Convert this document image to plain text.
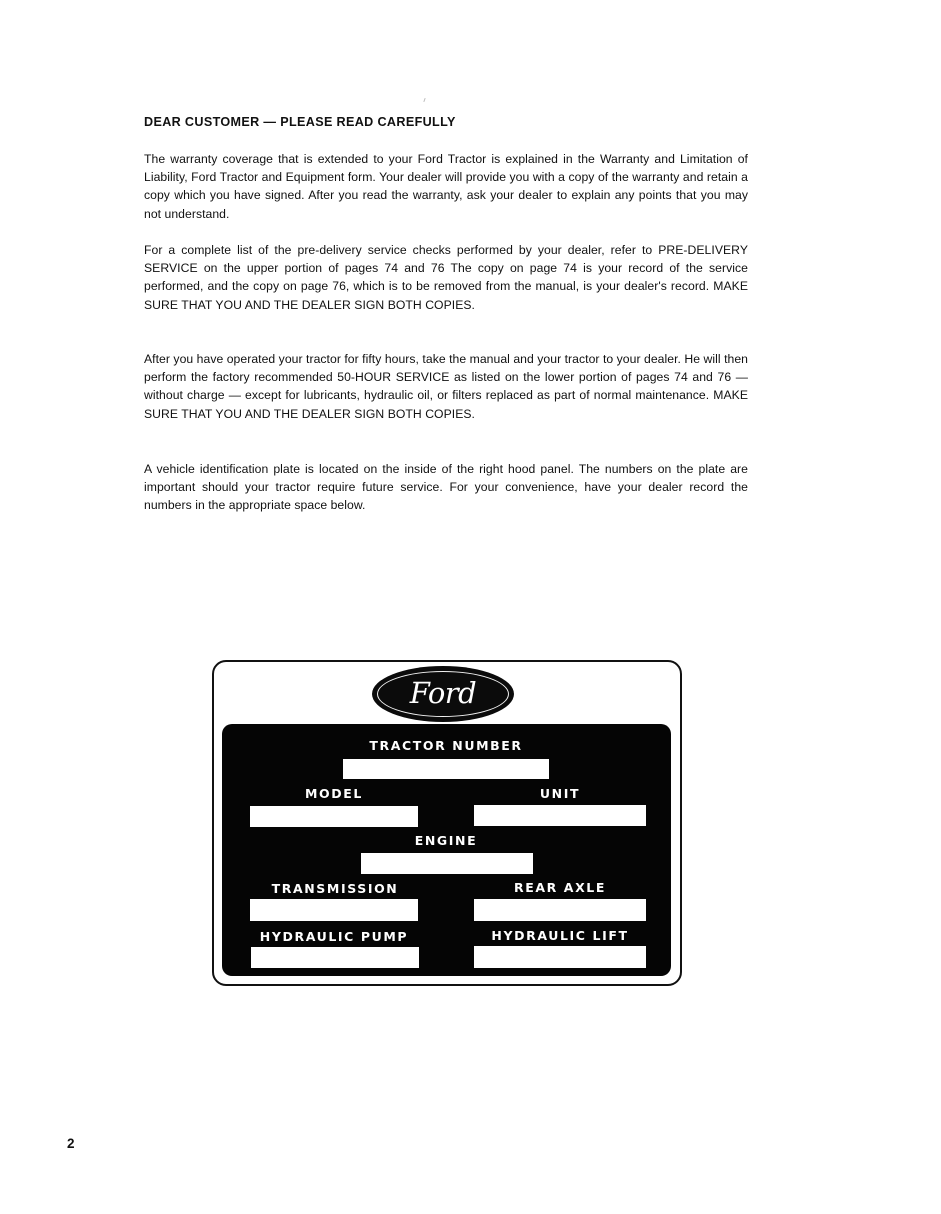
DEAR CUSTOMER — PLEASE READ CAREFULLY

The warranty coverage that is extended to your Ford Tractor is explained in the Warranty and Limitation of Liability, Ford Tractor and Equipment form. Your dealer will provide you with a copy of the warranty and retain a copy which you have signed. After you read the warranty, ask your dealer to explain any points that you may not understand.

For a complete list of the pre-delivery service checks performed by your dealer, refer to PRE-DELIVERY SERVICE on the upper portion of pages 74 and 76 The copy on page 74 is your record of the service performed, and the copy on page 76, which is to be removed from the manual, is your dealer's record. MAKE SURE THAT YOU AND THE DEALER SIGN BOTH COPIES.

After you have operated your tractor for fifty hours, take the manual and your tractor to your dealer. He will then perform the factory recommended 50-HOUR SERVICE as listed on the lower portion of pages 74 and 76 — without charge — except for lubricants, hydraulic oil, or filters replaced as part of normal maintenance. MAKE SURE THAT YOU AND THE DEALER SIGN BOTH COPIES.

A vehicle identification plate is located on the inside of the right hood panel. The numbers on the plate are important should your tractor require future service. For your convenience, have your dealer record the numbers in the appropriate space below.

Ford
TRACTOR NUMBER
MODEL	UNIT
ENGINE
TRANSMISSION	REAR AXLE
HYDRAULIC PUMP	HYDRAULIC LIFT
2
